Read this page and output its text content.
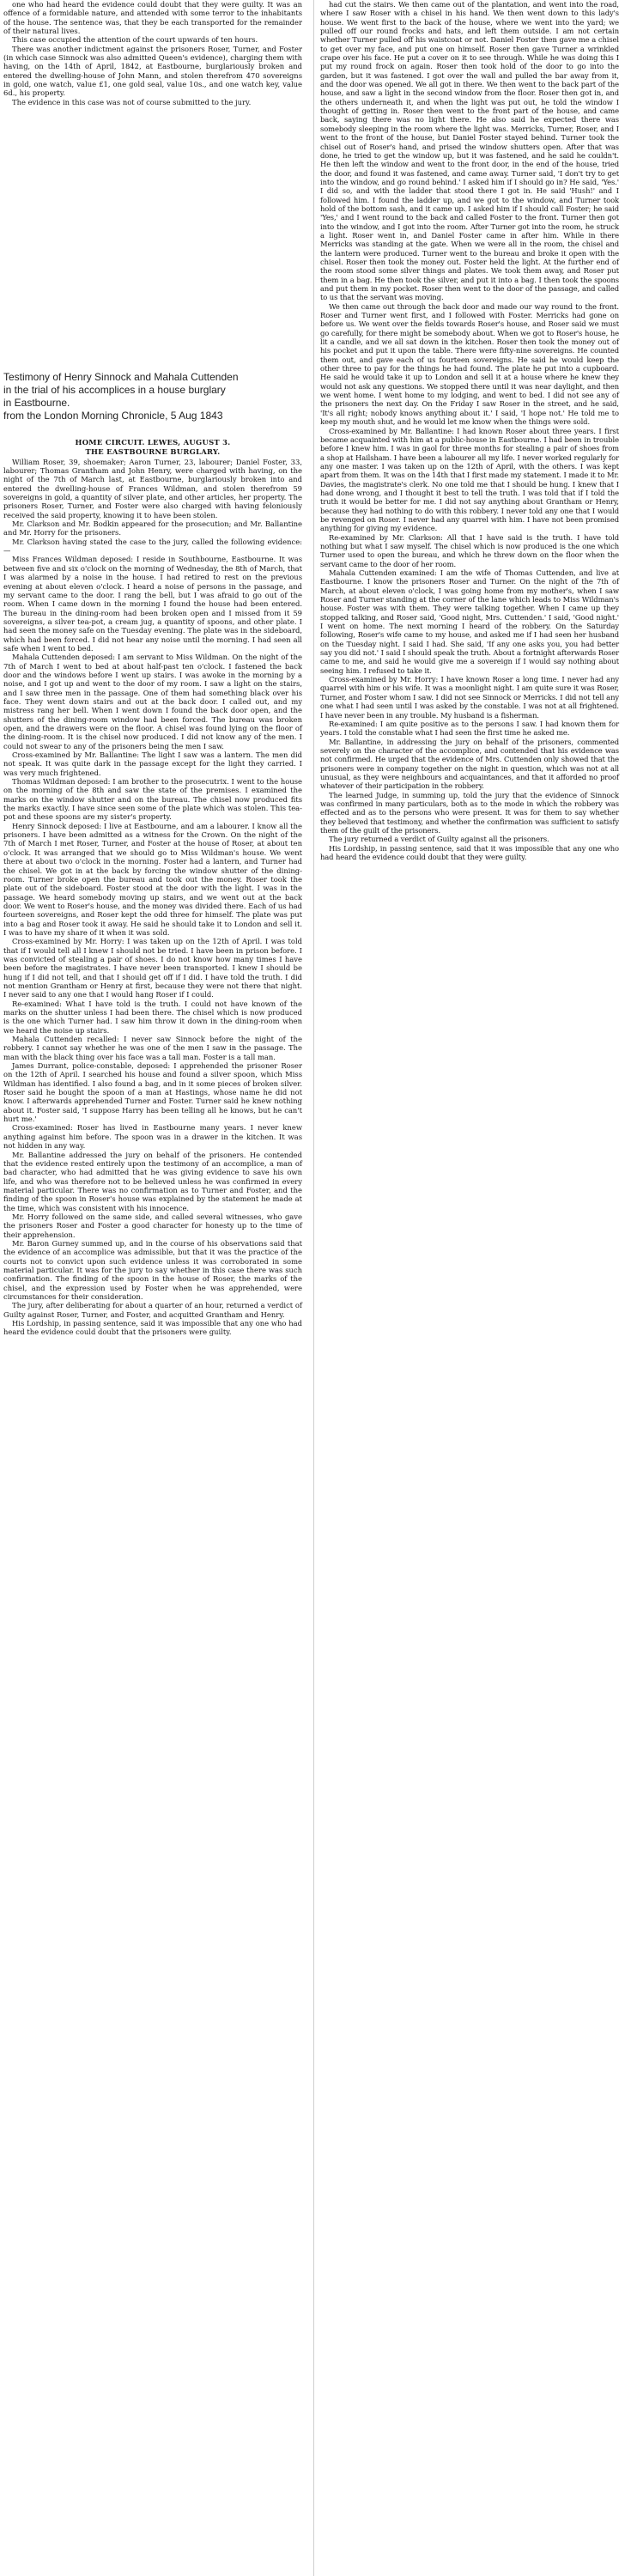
one who had heard the evidence could doubt that they were guilty. It was an offence of a formidable nature, and attended with some terror to the inhabitants of the house. The sentence was, that they be each transported for the remainder of their natural lives.

This case occupied the attention of the court upwards of ten hours.

There was another indictment against the prisoners Roser, Turner, and Foster (in which case Sinnock was also admitted Queen's evidence), charging them with having, on the 14th of April, 1842, at Eastbourne, burglariously broken and entered the dwelling-house of John Mann, and stolen therefrom 470 sovereigns in gold, one watch, value £1, one gold seal, value 10s., and one watch key, value 6d., his property.

The evidence in this case was not of course submitted to the jury.

Testimony of Henry Sinnock and Mahala Cuttenden
in the trial of his accomplices in a house burglary
in Eastbourne.
from the London Morning Chronicle, 5 Aug 1843

HOME CIRCUIT. LEWES, AUGUST 3.

THE EASTBOURNE BURGLARY.

William Roser, 39, shoemaker; Aaron Turner, 23, labourer; Daniel Foster, 33, labourer; Thomas Grantham and John Henry, were charged with having, on the night of the 7th of March last, at Eastbourne, burglariously broken into and entered the dwelling-house of Frances Wildman, and stolen therefrom 59 sovereigns in gold, a quantity of silver plate, and other articles, her property. The prisoners Roser, Turner, and Foster were also charged with having feloniously received the said property, knowing it to have been stolen.

Mr. Clarkson and Mr. Bodkin appeared for the prosecution; and Mr. Ballantine and Mr. Horry for the prisoners.

Mr. Clarkson having stated the case to the jury, called the following evidence:—

Miss Frances Wildman deposed: I reside in Southbourne, Eastbourne. It was between five and six o'clock on the morning of Wednesday, the 8th of March, that I was alarmed by a noise in the house. I had retired to rest on the previous evening at about eleven o'clock. I heard a noise of persons in the passage, and my servant came to the door. I rang the bell, but I was afraid to go out of the room. When I came down in the morning I found the house had been entered. The bureau in the dining-room had been broken open and I missed from it 59 sovereigns, a silver tea-pot, a cream jug, a quantity of spoons, and other plate. I had seen the money safe on the Tuesday evening. The plate was in the sideboard, which had been forced. I did not hear any noise until the morning. I had seen all safe when I went to bed.

Mahala Cuttenden deposed: I am servant to Miss Wildman. On the night of the 7th of March I went to bed at about half-past ten o'clock. I fastened the back door and the windows before I went up stairs. I was awoke in the morning by a noise, and I got up and went to the door of my room. I saw a light on the stairs, and I saw three men in the passage. One of them had something black over his face. They went down stairs and out at the back door. I called out, and my mistress rang her bell. When I went down I found the back door open, and the shutters of the dining-room window had been forced. The bureau was broken open, and the drawers were on the floor. A chisel was found lying on the floor of the dining-room. It is the chisel now produced. I did not know any of the men. I could not swear to any of the prisoners being the men I saw.

Cross-examined by Mr. Ballantine: The light I saw was a lantern. The men did not speak. It was quite dark in the passage except for the light they carried. I was very much frightened.

Thomas Wildman deposed: I am brother to the prosecutrix. I went to the house on the morning of the 8th and saw the state of the premises. I examined the marks on the window shutter and on the bureau. The chisel now produced fits the marks exactly. I have since seen some of the plate which was stolen. This tea-pot and these spoons are my sister's property.

Henry Sinnock deposed: I live at Eastbourne, and am a labourer. I know all the prisoners. I have been admitted as a witness for the Crown. On the night of the 7th of March I met Roser, Turner, and Foster at the house of Roser, at about ten o'clock. It was arranged that we should go to Miss Wildman's house. We went there at about two o'clock in the morning. Foster had a lantern, and Turner had the chisel. We got in at the back by forcing the window shutter of the dining-room. Turner broke open the bureau and took out the money. Roser took the plate out of the sideboard. Foster stood at the door with the light. I was in the passage. We heard somebody moving up stairs, and we went out at the back door. We went to Roser's house, and the money was divided there. Each of us had fourteen sovereigns, and Roser kept the odd three for himself. The plate was put into a bag and Roser took it away. He said he should take it to London and sell it. I was to have my share of it when it was sold.

Cross-examined by Mr. Horry: I was taken up on the 12th of April. I was told that if I would tell all I knew I should not be tried. I have been in prison before. I was convicted of stealing a pair of shoes. I do not know how many times I have been before the magistrates. I have never been transported. I knew I should be hung if I did not tell, and that I should get off if I did. I have told the truth. I did not mention Grantham or Henry at first, because they were not there that night. I never said to any one that I would hang Roser if I could.

Re-examined: What I have told is the truth. I could not have known of the marks on the shutter unless I had been there. The chisel which is now produced is the one which Turner had. I saw him throw it down in the dining-room when we heard the noise up stairs.

Mahala Cuttenden recalled: I never saw Sinnock before the night of the robbery. I cannot say whether he was one of the men I saw in the passage. The man with the black thing over his face was a tall man. Foster is a tall man.

James Durrant, police-constable, deposed: I apprehended the prisoner Roser on the 12th of April. I searched his house and found a silver spoon, which Miss Wildman has identified. I also found a bag, and in it some pieces of broken silver. Roser said he bought the spoon of a man at Hastings, whose name he did not know. I afterwards apprehended Turner and Foster. Turner said he knew nothing about it. Foster said, 'I suppose Harry has been telling all he knows, but he can't hurt me.'

Cross-examined: Roser has lived in Eastbourne many years. I never knew anything against him before. The spoon was in a drawer in the kitchen. It was not hidden in any way.

Mr. Ballantine addressed the jury on behalf of the prisoners. He contended that the evidence rested entirely upon the testimony of an accomplice, a man of bad character, who had admitted that he was giving evidence to save his own life, and who was therefore not to be believed unless he was confirmed in every material particular. There was no confirmation as to Turner and Foster, and the finding of the spoon in Roser's house was explained by the statement he made at the time, which was consistent with his innocence.

Mr. Horry followed on the same side, and called several witnesses, who gave the prisoners Roser and Foster a good character for honesty up to the time of their apprehension.

Mr. Baron Gurney summed up, and in the course of his observations said that the evidence of an accomplice was admissible, but that it was the practice of the courts not to convict upon such evidence unless it was corroborated in some material particular. It was for the jury to say whether in this case there was such confirmation. The finding of the spoon in the house of Roser, the marks of the chisel, and the expression used by Foster when he was apprehended, were circumstances for their consideration.

The jury, after deliberating for about a quarter of an hour, returned a verdict of Guilty against Roser, Turner, and Foster, and acquitted Grantham and Henry.

His Lordship, in passing sentence, said it was impossible that any one who had heard the evidence could doubt that the prisoners were guilty.

had cut the stairs. We then came out of the plantation, and went into the road, where I saw Roser with a chisel in his hand. We then went down to this lady's house. We went first to the back of the house, where we went into the yard; we pulled off our round frocks and hats, and left them outside. I am not certain whether Turner pulled off his waistcoat or not. Daniel Foster then gave me a chisel to get over my face, and put one on himself. Roser then gave Turner a wrinkled crape over his face. He put a cover on it to see through. While he was doing this I put my round frock on again. Roser then took hold of the door to go into the garden, but it was fastened. I got over the wall and pulled the bar away from it, and the door was opened. We all got in there. We then went to the back part of the house, and saw a light in the second window from the floor. Roser then got in, and the others underneath it, and when the light was put out, he told the window I thought of getting in. Roser then went to the front part of the house, and came back, saying there was no light there. He also said he expected there was somebody sleeping in the room where the light was. Merricks, Turner, Roser, and I went to the front of the house, but Daniel Foster stayed behind. Turner took the chisel out of Roser's hand, and prised the window shutters open. After that was done, he tried to get the window up, but it was fastened, and he said he couldn't. He then left the window and went to the front door, in the end of the house, tried the door, and found it was fastened, and came away. Turner said, 'I don't try to get into the window, and go round behind.' I asked him if I should go in? He said, 'Yes.' I did so, and with the ladder that stood there I got in. He said 'Hush!' and I followed him. I found the ladder up, and we got to the window, and Turner took hold of the bottom sash, and it came up. I asked him if I should call Foster; he said 'Yes,' and I went round to the back and called Foster to the front. Turner then got into the window, and I got into the room. After Turner got into the room, he struck a light. Roser went in, and Daniel Foster came in after him. While in there Merricks was standing at the gate. When we were all in the room, the chisel and the lantern were produced. Turner went to the bureau and broke it open with the chisel. Roser then took the money out. Foster held the light. At the further end of the room stood some silver things and plates. We took them away, and Roser put them in a bag. He then took the silver, and put it into a bag. I then took the spoons and put them in my pocket. Roser then went to the door of the passage, and called to us that the servant was moving.

We then came out through the back door and made our way round to the front. Roser and Turner went first, and I followed with Foster. Merricks had gone on before us. We went over the fields towards Roser's house, and Roser said we must go carefully, for there might be somebody about. When we got to Roser's house, he lit a candle, and we all sat down in the kitchen. Roser then took the money out of his pocket and put it upon the table. There were fifty-nine sovereigns. He counted them out, and gave each of us fourteen sovereigns. He said he would keep the other three to pay for the things he had found. The plate he put into a cupboard. He said he would take it up to London and sell it at a house where he knew they would not ask any questions. We stopped there until it was near daylight, and then we went home. I went home to my lodging, and went to bed. I did not see any of the prisoners the next day. On the Friday I saw Roser in the street, and he said, 'It's all right; nobody knows anything about it.' I said, 'I hope not.' He told me to keep my mouth shut, and he would let me know when the things were sold.

Cross-examined by Mr. Ballantine: I had known Roser about three years. I first became acquainted with him at a public-house in Eastbourne. I had been in trouble before I knew him. I was in gaol for three months for stealing a pair of shoes from a shop at Hailsham. I have been a labourer all my life. I never worked regularly for any one master. I was taken up on the 12th of April, with the others. I was kept apart from them. It was on the 14th that I first made my statement. I made it to Mr. Davies, the magistrate's clerk. No one told me that I should be hung. I knew that I had done wrong, and I thought it best to tell the truth. I was told that if I told the truth it would be better for me. I did not say anything about Grantham or Henry, because they had nothing to do with this robbery. I never told any one that I would be revenged on Roser. I never had any quarrel with him. I have not been promised anything for giving my evidence.

Re-examined by Mr. Clarkson: All that I have said is the truth. I have told nothing but what I saw myself. The chisel which is now produced is the one which Turner used to open the bureau, and which he threw down on the floor when the servant came to the door of her room.

Mahala Cuttenden examined: I am the wife of Thomas Cuttenden, and live at Eastbourne. I know the prisoners Roser and Turner. On the night of the 7th of March, at about eleven o'clock, I was going home from my mother's, when I saw Roser and Turner standing at the corner of the lane which leads to Miss Wildman's house. Foster was with them. They were talking together. When I came up they stopped talking, and Roser said, 'Good night, Mrs. Cuttenden.' I said, 'Good night.' I went on home. The next morning I heard of the robbery. On the Saturday following, Roser's wife came to my house, and asked me if I had seen her husband on the Tuesday night. I said I had. She said, 'If any one asks you, you had better say you did not.' I said I should speak the truth. About a fortnight afterwards Roser came to me, and said he would give me a sovereign if I would say nothing about seeing him. I refused to take it.

Cross-examined by Mr. Horry: I have known Roser a long time. I never had any quarrel with him or his wife. It was a moonlight night. I am quite sure it was Roser, Turner, and Foster whom I saw. I did not see Sinnock or Merricks. I did not tell any one what I had seen until I was asked by the constable. I was not at all frightened. I have never been in any trouble. My husband is a fisherman.

Re-examined: I am quite positive as to the persons I saw. I had known them for years. I told the constable what I had seen the first time he asked me.

Mr. Ballantine, in addressing the jury on behalf of the prisoners, commented severely on the character of the accomplice, and contended that his evidence was not confirmed. He urged that the evidence of Mrs. Cuttenden only showed that the prisoners were in company together on the night in question, which was not at all unusual, as they were neighbours and acquaintances, and that it afforded no proof whatever of their participation in the robbery.

The learned Judge, in summing up, told the jury that the evidence of Sinnock was confirmed in many particulars, both as to the mode in which the robbery was effected and as to the persons who were present. It was for them to say whether they believed that testimony, and whether the confirmation was sufficient to satisfy them of the guilt of the prisoners.

The jury returned a verdict of Guilty against all the prisoners.

His Lordship, in passing sentence, said that it was impossible that any one who had heard the evidence could doubt that they were guilty.
